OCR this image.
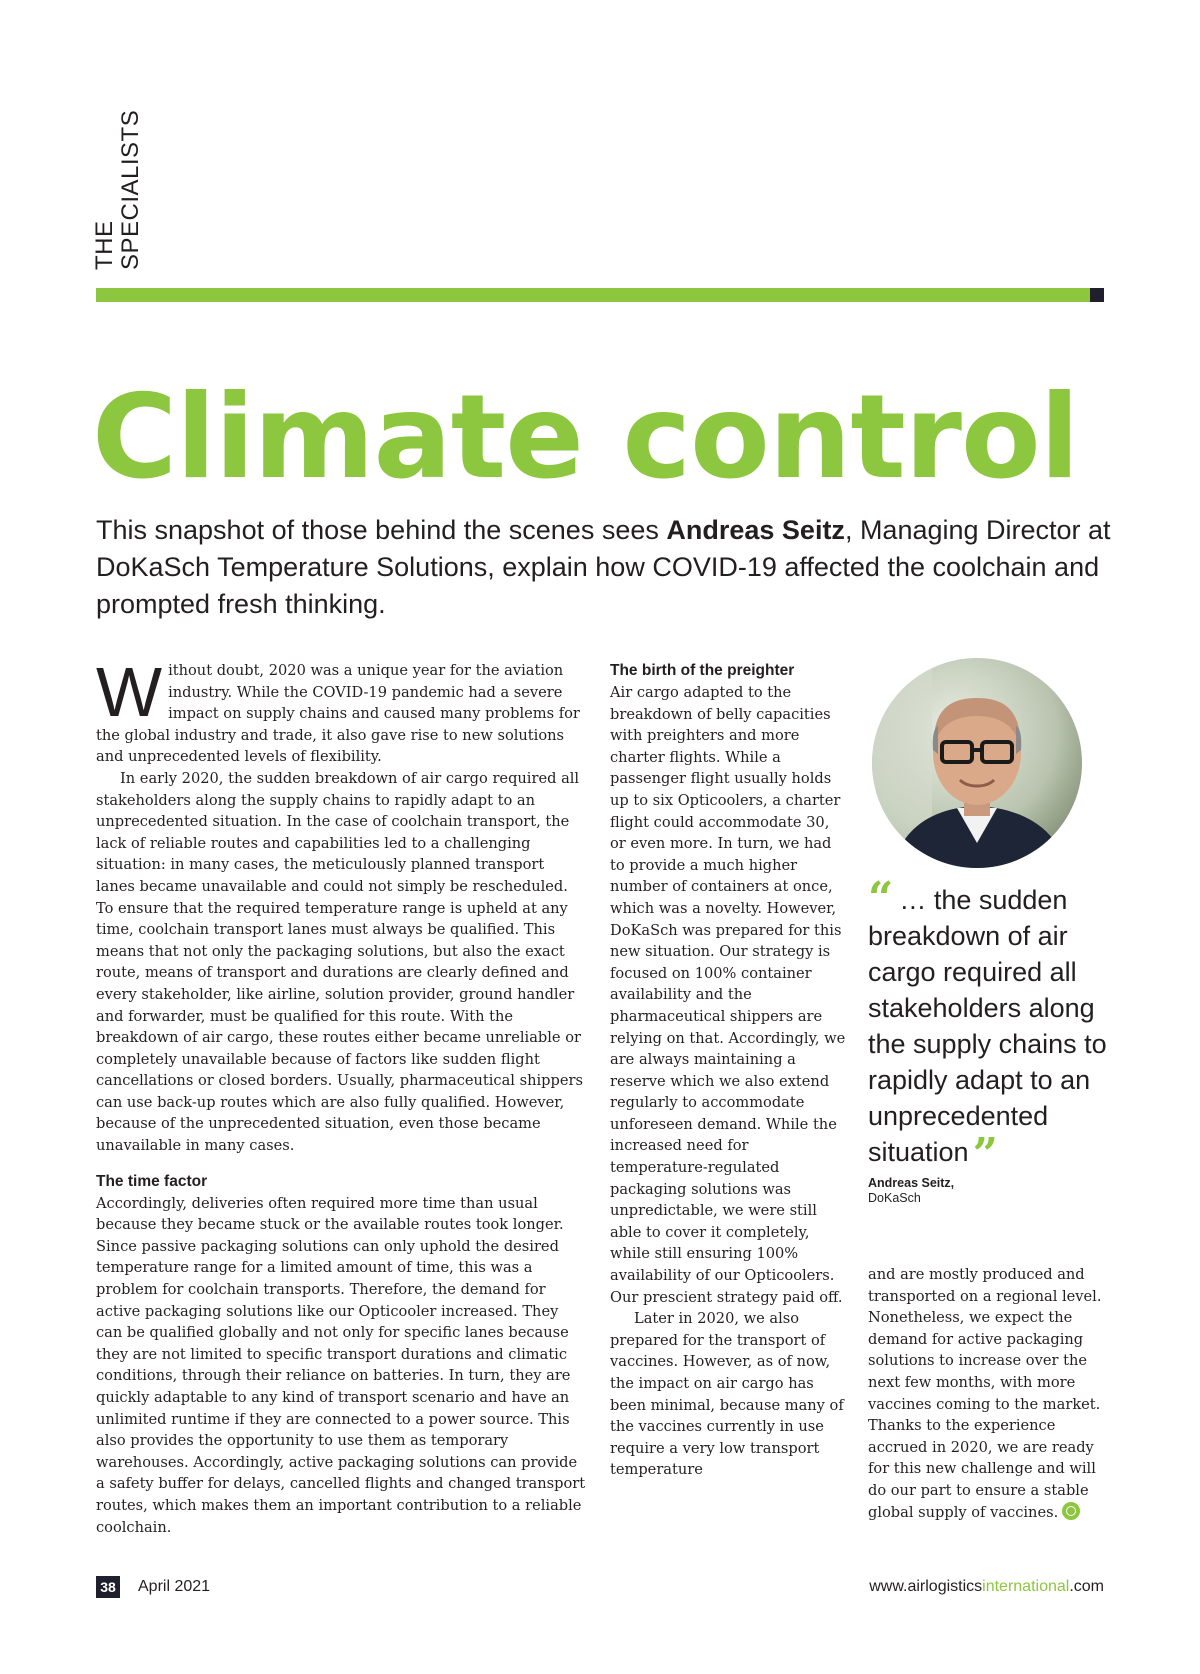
THE SPECIALISTS
Climate control

This snapshot of those behind the scenes sees Andreas Seitz, Managing Director at DoKaSch Temperature Solutions, explain how COVID-19 affected the coolchain and prompted fresh thinking.

Without doubt, 2020 was a unique year for the aviation industry. While the COVID-19 pandemic had a severe impact on supply chains and caused many problems for the global industry and trade, it also gave rise to new solutions and unprecedented levels of flexibility.

In early 2020, the sudden breakdown of air cargo required all stakeholders along the supply chains to rapidly adapt to an unprecedented situation. In the case of coolchain transport, the lack of reliable routes and capabilities led to a challenging situation: in many cases, the meticulously planned transport lanes became unavailable and could not simply be rescheduled. To ensure that the required temperature range is upheld at any time, coolchain transport lanes must always be qualified. This means that not only the packaging solutions, but also the exact route, means of transport and durations are clearly defined and every stakeholder, like airline, solution provider, ground handler and forwarder, must be qualified for this route. With the breakdown of air cargo, these routes either became unreliable or completely unavailable because of factors like sudden flight cancellations or closed borders. Usually, pharmaceutical shippers can use back-up routes which are also fully qualified. However, because of the unprecedented situation, even those became unavailable in many cases.

The time factor

Accordingly, deliveries often required more time than usual because they became stuck or the available routes took longer. Since passive packaging solutions can only uphold the desired temperature range for a limited amount of time, this was a problem for coolchain transports. Therefore, the demand for active packaging solutions like our Opticooler increased. They can be qualified globally and not only for specific lanes because they are not limited to specific transport durations and climatic conditions, through their reliance on batteries. In turn, they are quickly adaptable to any kind of transport scenario and have an unlimited runtime if they are connected to a power source. This also provides the opportunity to use them as temporary warehouses. Accordingly, active packaging solutions can provide a safety buffer for delays, cancelled flights and changed transport routes, which makes them an important contribution to a reliable coolchain.

The birth of the preighter

Air cargo adapted to the breakdown of belly capacities with preighters and more charter flights. While a passenger flight usually holds up to six Opticoolers, a charter flight could accommodate 30, or even more. In turn, we had to provide a much higher number of containers at once, which was a novelty. However, DoKaSch was prepared for this new situation. Our strategy is focused on 100% container availability and the pharmaceutical shippers are relying on that. Accordingly, we are always maintaining a reserve which we also extend regularly to accommodate unforeseen demand. While the increased need for temperature-regulated packaging solutions was unpredictable, we were still able to cover it completely, while still ensuring 100% availability of our Opticoolers. Our prescient strategy paid off.

Later in 2020, we also prepared for the transport of vaccines. However, as of now, the impact on air cargo has been minimal, because many of the vaccines currently in use require a very low transport temperature

“ … the sudden breakdown of air cargo required all stakeholders along the supply chains to rapidly adapt to an unprecedented situation”
Andreas Seitz,
DoKaSch

and are mostly produced and transported on a regional level. Nonetheless, we expect the demand for active packaging solutions to increase over the next few months, with more vaccines coming to the market. Thanks to the experience accrued in 2020, we are ready for this new challenge and will do our part to ensure a stable global supply of vaccines.

38 April 2021	www.airlogisticsinternational.com
